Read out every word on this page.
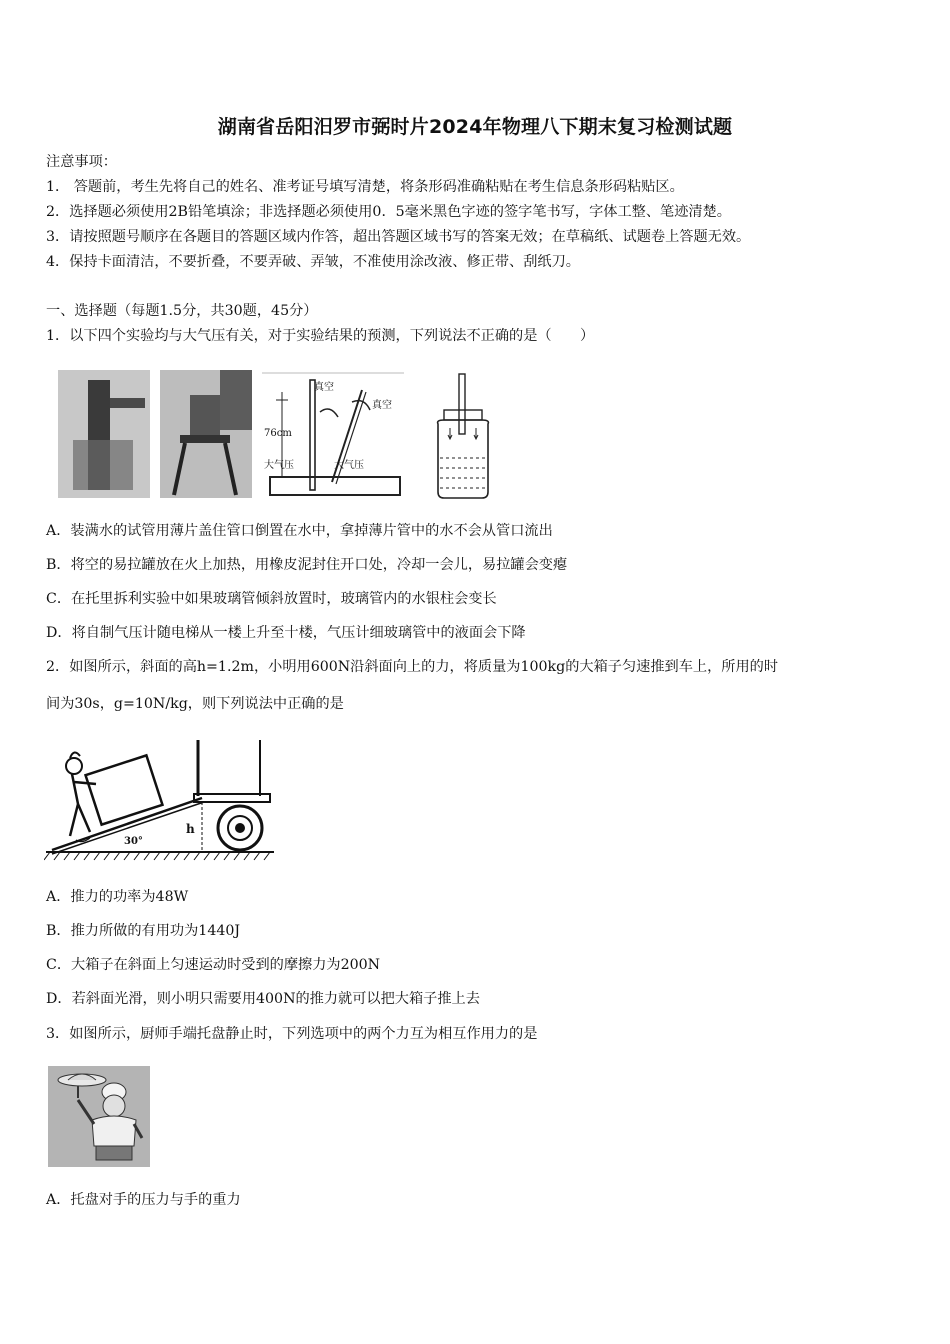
湖南省岳阳汨罗市弼时片2024年物理八下期末复习检测试题
注意事项：
1． 答题前，考生先将自己的姓名、准考证号填写清楚，将条形码准确粘贴在考生信息条形码粘贴区。
2．选择题必须使用2B铅笔填涂；非选择题必须使用0．5毫米黑色字迹的签字笔书写，字体工整、笔迹清楚。
3．请按照题号顺序在各题目的答题区域内作答，超出答题区域书写的答案无效；在草稿纸、试题卷上答题无效。
4．保持卡面清洁，不要折叠，不要弄破、弄皱，不准使用涂改液、修正带、刮纸刀。
一、选择题（每题1.5分，共30题，45分）
1．以下四个实验均与大气压有关，对于实验结果的预测，下列说法不正确的是（　　）
真空
真空
76cm
大气压	大气压
A．装满水的试管用薄片盖住管口倒置在水中，拿掉薄片管中的水不会从管口流出
B．将空的易拉罐放在火上加热，用橡皮泥封住开口处，冷却一会儿，易拉罐会变瘪
C．在托里拆利实验中如果玻璃管倾斜放置时，玻璃管内的水银柱会变长
D．将自制气压计随电梯从一楼上升至十楼，气压计细玻璃管中的液面会下降
2．如图所示，斜面的高h=1.2m，小明用600N沿斜面向上的力，将质量为100kg的大箱子匀速推到车上，所用的时
间为30s，g=10N/kg，则下列说法中正确的是
30°
h
A．推力的功率为48W
B．推力所做的有用功为1440J
C．大箱子在斜面上匀速运动时受到的摩擦力为200N
D．若斜面光滑，则小明只需要用400N的推力就可以把大箱子推上去
3．如图所示，厨师手端托盘静止时，下列选项中的两个力互为相互作用力的是
A．托盘对手的压力与手的重力
